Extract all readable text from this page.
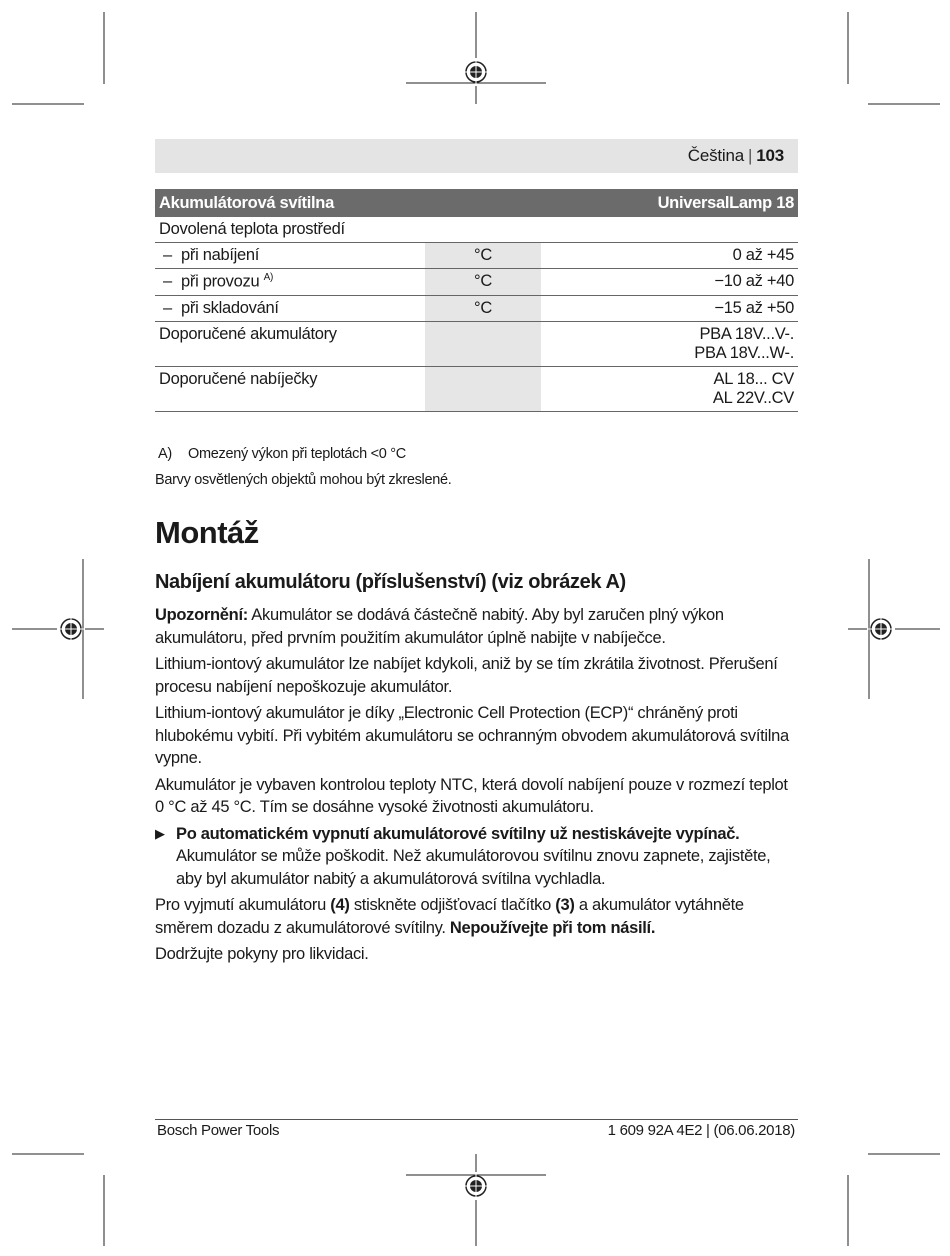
Čeština | 103
Akumulátorová svítilna		UniversalLamp 18
Dovolená teplota prostředí		

– při nabíjení	°C		0 až +45

– při provozu $^{A)}$	°C		−10 až +40

– při skladování	°C		−15 až +50
Doporučené akumulátory			PBA 18V...V-.
PBA 18V...W-.

Doporučené nabíječky			AL 18... CV
AL 22V..CV
A) Omezený výkon při teplotách <0 °C
Barvy osvětlených objektů mohou být zkreslené.
Montáž
Nabíjení akumulátoru (příslušenství) (viz obrázek A)

Upozornění: Akumulátor se dodává částečně nabitý. Aby byl zaručen plný výkon akumulátoru, před prvním použitím akumulátor úplně nabijte v nabíječce.

Lithium-iontový akumulátor lze nabíjet kdykoli, aniž by se tím zkrátila životnost. Přerušení procesu nabíjení nepoškozuje akumulátor.

Lithium-iontový akumulátor je díky „Electronic Cell Protection (ECP)“ chráněný proti hlubokému vybití. Při vybitém akumulátoru se ochranným obvodem akumulátorová svítilna vypne.

Akumulátor je vybaven kontrolou teploty NTC, která dovolí nabíjení pouze v rozmezí teplot 0 °C až 45 °C. Tím se dosáhne vysoké životnosti akumulátoru.

▶ Po automatickém vypnutí akumulátorové svítilny už nestiskávejte vypínač.
Akumulátor se může poškodit. Než akumulátorovou svítilnu znovu zapnete, zajistěte, aby byl akumulátor nabitý a akumulátorová svítilna vychladla.

Pro vyjmutí akumulátoru (4) stiskněte odjišťovací tlačítko (3) a akumulátor vytáhněte směrem dozadu z akumulátorové svítilny. Nepoužívejte při tom násilí.

Dodržujte pokyny pro likvidaci.

Bosch Power Tools	1 609 92A 4E2 | (06.06.2018)
